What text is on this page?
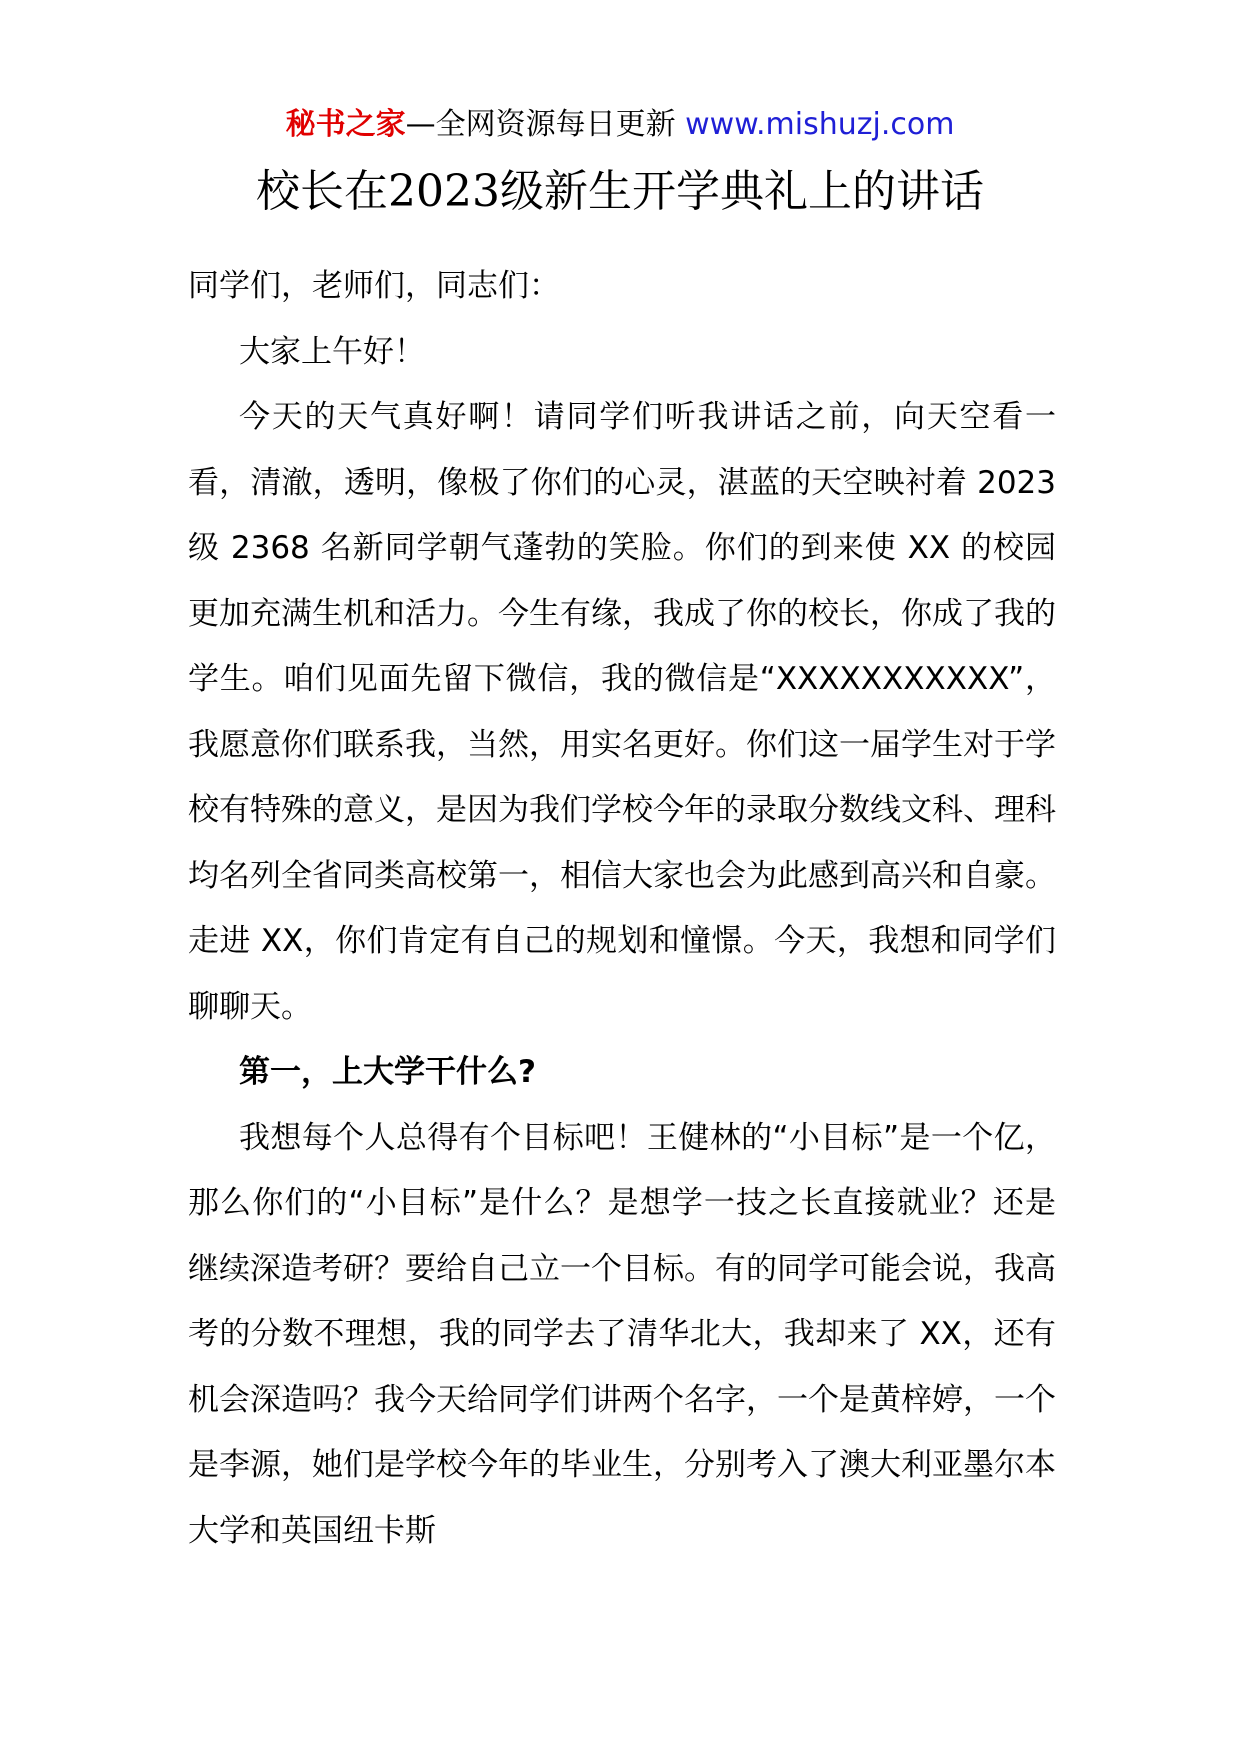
秘书之家—全网资源每日更新 www.mishuzj.com
校长在2023级新生开学典礼上的讲话

同学们，老师们，同志们：

大家上午好！

今天的天气真好啊！请同学们听我讲话之前，向天空看一看，清澈，透明，像极了你们的心灵，湛蓝的天空映衬着 2023 级 2368 名新同学朝气蓬勃的笑脸。你们的到来使 XX 的校园更加充满生机和活力。今生有缘，我成了你的校长，你成了我的学生。咱们见面先留下微信，我的微信是“XXXXXXXXXXX”，我愿意你们联系我，当然，用实名更好。你们这一届学生对于学校有特殊的意义，是因为我们学校今年的录取分数线文科、理科均名列全省同类高校第一，相信大家也会为此感到高兴和自豪。走进 XX，你们肯定有自己的规划和憧憬。今天，我想和同学们聊聊天。

第一，上大学干什么?

我想每个人总得有个目标吧！王健林的“小目标”是一个亿，那么你们的“小目标”是什么？是想学一技之长直接就业？还是继续深造考研？要给自己立一个目标。有的同学可能会说，我高考的分数不理想，我的同学去了清华北大，我却来了 XX，还有机会深造吗？我今天给同学们讲两个名字，一个是黄梓婷，一个是李源，她们是学校今年的毕业生，分别考入了澳大利亚墨尔本大学和英国纽卡斯
